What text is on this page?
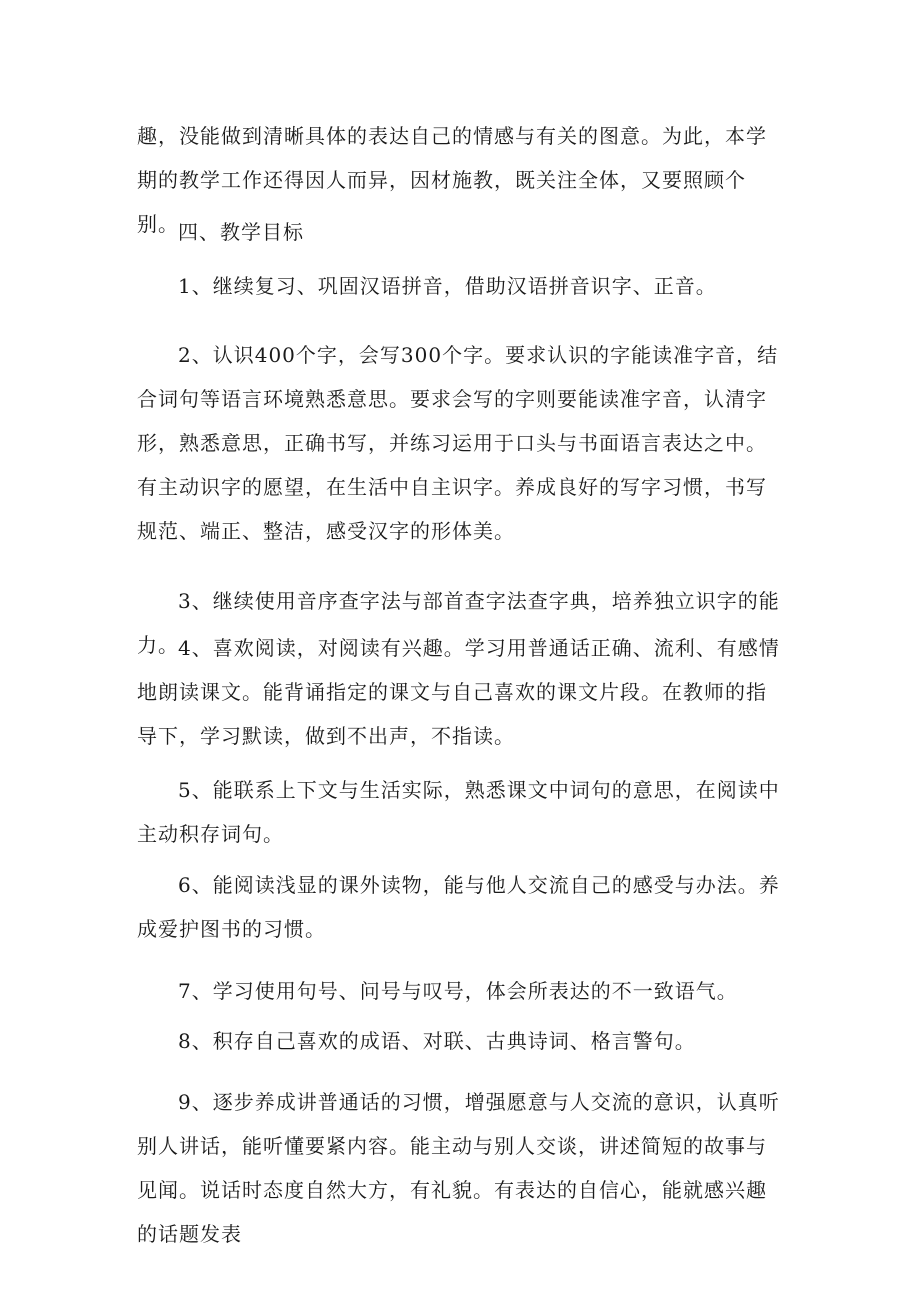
趣，没能做到清晰具体的表达自己的情感与有关的图意。为此，本学期的教学工作还得因人而异，因材施教，既关注全体，又要照顾个别。 四、教学目标

1、继续复习、巩固汉语拼音，借助汉语拼音识字、正音。

2、认识400个字，会写300个字。要求认识的字能读准字音，结合词句等语言环境熟悉意思。要求会写的字则要能读准字音，认清字形，熟悉意思，正确书写，并练习运用于口头与书面语言表达之中。有主动识字的愿望，在生活中自主识字。养成良好的写字习惯，书写规范、端正、整洁，感受汉字的形体美。

3、继续使用音序查字法与部首查字法查字典，培养独立识字的能力。 4、喜欢阅读，对阅读有兴趣。学习用普通话正确、流利、有感情地朗读课文。能背诵指定的课文与自己喜欢的课文片段。在教师的指导下，学习默读，做到不出声，不指读。

5、能联系上下文与生活实际，熟悉课文中词句的意思，在阅读中主动积存词句。

6、能阅读浅显的课外读物，能与他人交流自己的感受与办法。养成爱护图书的习惯。

7、学习使用句号、问号与叹号，体会所表达的不一致语气。

8、积存自己喜欢的成语、对联、古典诗词、格言警句。

9、逐步养成讲普通话的习惯，增强愿意与人交流的意识，认真听别人讲话，能听懂要紧内容。能主动与别人交谈，讲述简短的故事与见闻。说话时态度自然大方，有礼貌。有表达的自信心，能就感兴趣的话题发表
